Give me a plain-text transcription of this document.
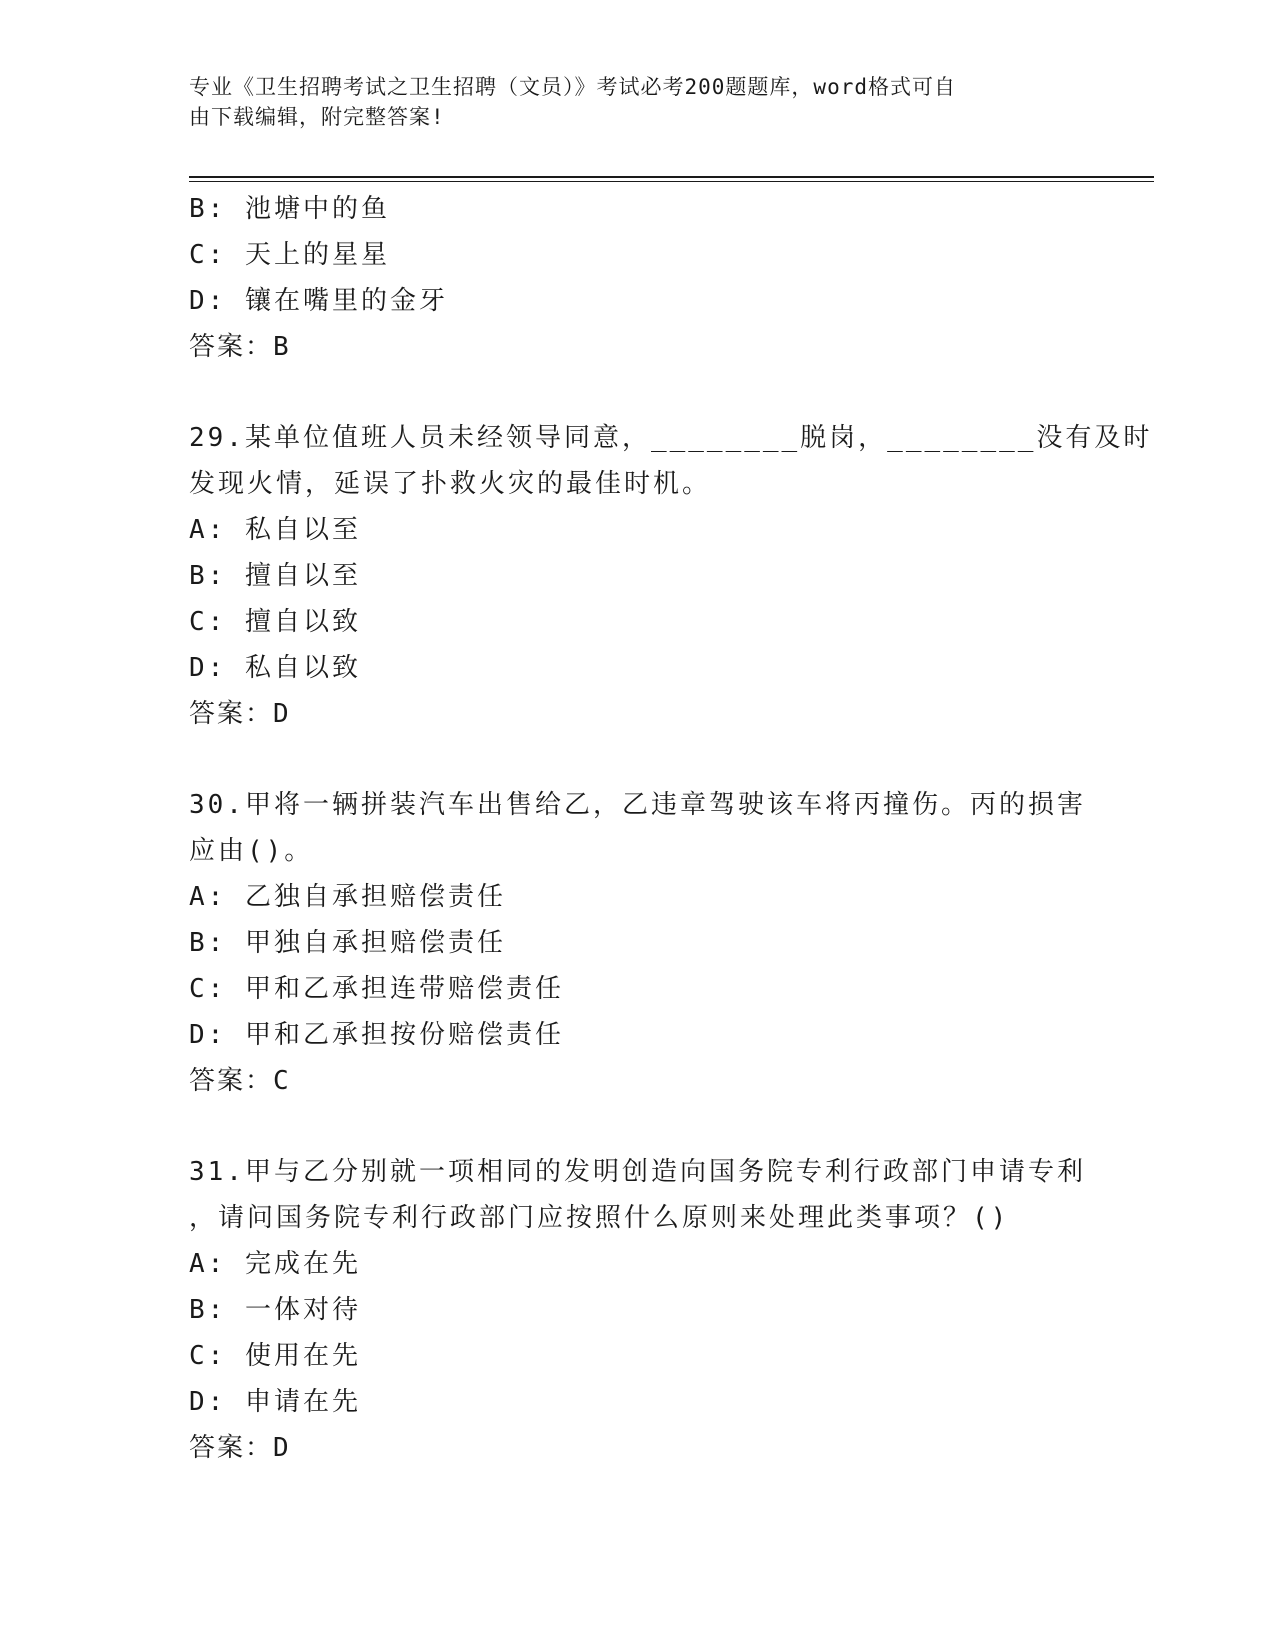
专业《卫生招聘考试之卫生招聘（文员）》考试必考200题题库，word格式可自
由下载编辑，附完整答案!
B: 池塘中的鱼
C: 天上的星星
D: 镶在嘴里的金牙
答案：B
29.某单位值班人员未经领导同意，________脱岗，________没有及时
发现火情，延误了扑救火灾的最佳时机。
A: 私自以至
B: 擅自以至
C: 擅自以致
D: 私自以致
答案：D
30.甲将一辆拼装汽车出售给乙，乙违章驾驶该车将丙撞伤。丙的损害
应由()。
A: 乙独自承担赔偿责任
B: 甲独自承担赔偿责任
C: 甲和乙承担连带赔偿责任
D: 甲和乙承担按份赔偿责任
答案：C
31.甲与乙分别就一项相同的发明创造向国务院专利行政部门申请专利
，请问国务院专利行政部门应按照什么原则来处理此类事项？()
A: 完成在先
B: 一体对待
C: 使用在先
D: 申请在先
答案：D
